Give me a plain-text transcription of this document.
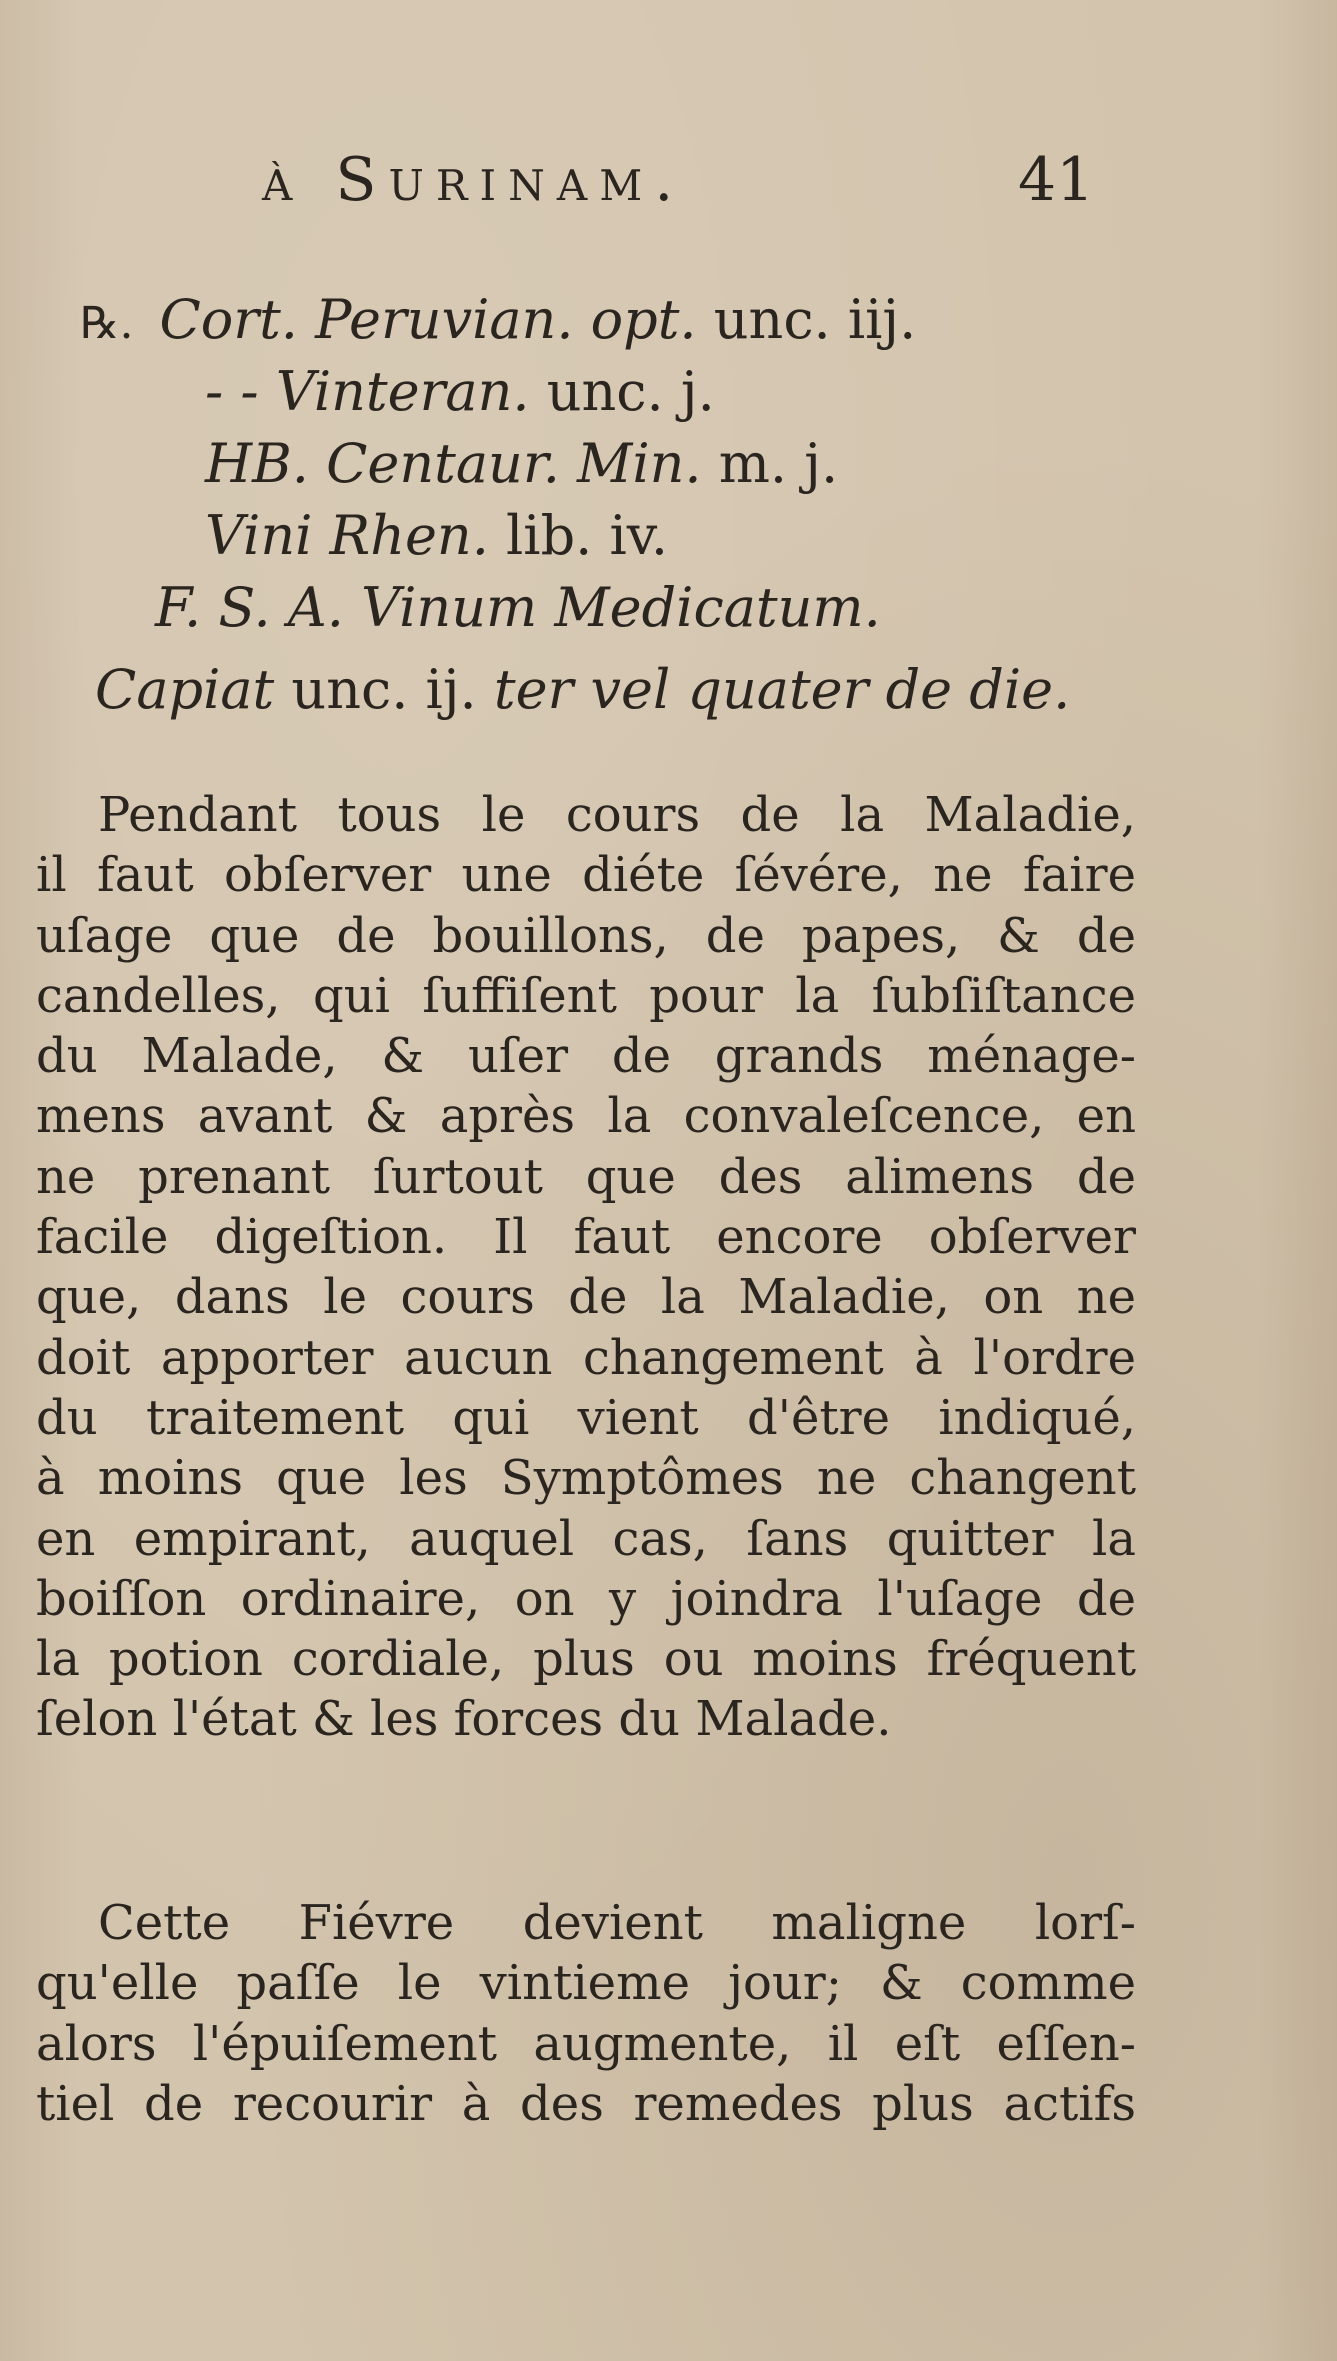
à Surinam.	41
℞. Cort. Peruvian. opt. unc. iij.
- - Vinteran. unc. j.
HB. Centaur. Min. m. j.
Vini Rhen. lib. iv.
F. S. A. Vinum Medicatum.
Capiat unc. ij. ter vel quater de die.
Pendant tous le cours de la Maladie,
il faut obſerver une diéte ſévére, ne faire
uſage que de bouillons, de papes, & de
candelles, qui ſuffiſent pour la ſubſiſtance
du Malade, & uſer de grands ménage-
mens avant & après la convaleſcence, en
ne prenant ſurtout que des alimens de
facile digeſtion. Il faut encore obſerver
que, dans le cours de la Maladie, on ne
doit apporter aucun changement à l'ordre
du traitement qui vient d'être indiqué,
à moins que les Symptômes ne changent
en empirant, auquel cas, ſans quitter la
boiſſon ordinaire, on y joindra l'uſage de
la potion cordiale, plus ou moins fréquent
ſelon l'état & les forces du Malade.
Cette Fiévre devient maligne lorſ-
qu'elle paſſe le vintieme jour; & comme
alors l'épuiſement augmente, il eſt eſſen-
tiel de recourir à des remedes plus actifs
